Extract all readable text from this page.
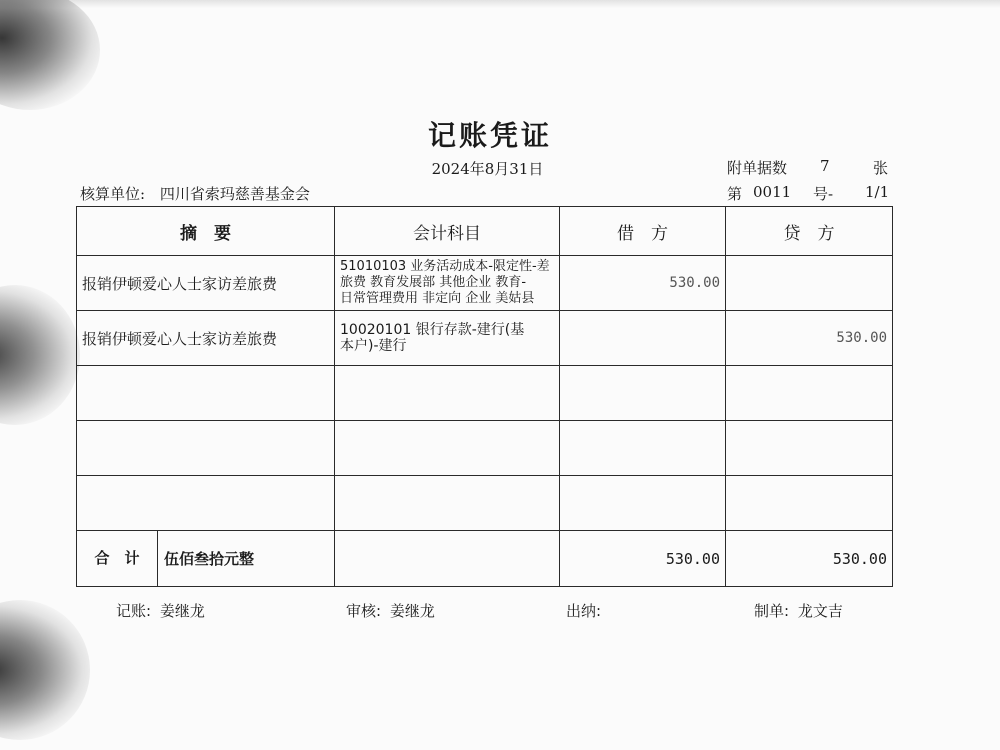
记账凭证
2024年8月31日	附单据数 7	张
核算单位: 四川省索玛慈善基金会	第 0011 号- 1/1
摘　要	会计科目	借　方	贷　方
报销伊顿爱心人士家访差旅费	51010103 业务活动成本-限定性-差
旅费 教育发展部 其他企业 教育-
日常管理费用 非定向 企业 美姑县	530.00	
报销伊顿爱心人士家访差旅费	10020101 银行存款-建行(基
本户)-建行		530.00

合　计 伍佰叁拾元整		530.00	530.00
记账: 姜继龙	审核: 姜继龙	出纳:	制单: 龙文吉
